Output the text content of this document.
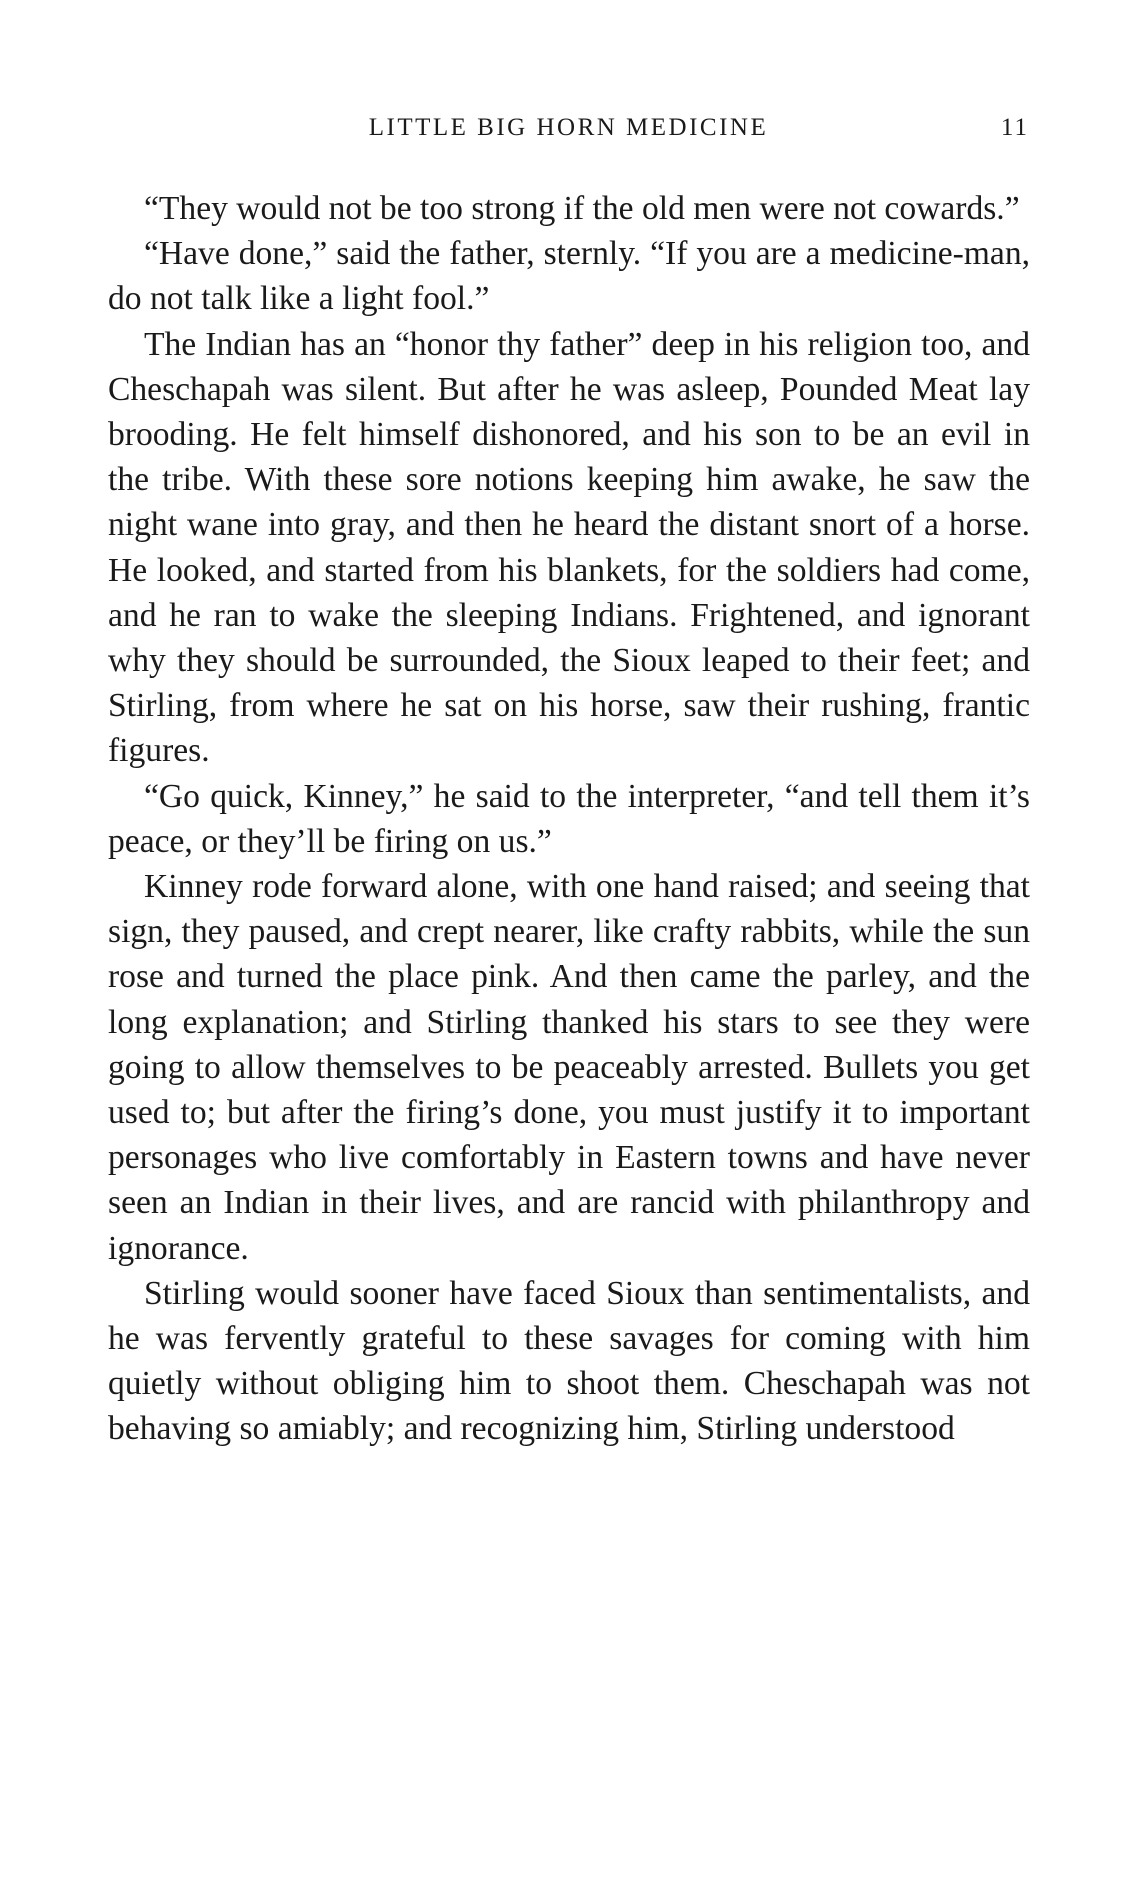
LITTLE BIG HORN MEDICINE	11

“They would not be too strong if the old men were not cowards.”

“Have done,” said the father, sternly. “If you are a medicine-man, do not talk like a light fool.”

The Indian has an “honor thy father” deep in his religion too, and Cheschapah was silent. But after he was asleep, Pounded Meat lay brooding. He felt himself dishonored, and his son to be an evil in the tribe. With these sore notions keeping him awake, he saw the night wane into gray, and then he heard the distant snort of a horse. He looked, and started from his blankets, for the soldiers had come, and he ran to wake the sleeping Indians. Frightened, and ignorant why they should be surrounded, the Sioux leaped to their feet; and Stirling, from where he sat on his horse, saw their rushing, frantic figures.

“Go quick, Kinney,” he said to the interpreter, “and tell them it’s peace, or they’ll be firing on us.”

Kinney rode forward alone, with one hand raised; and seeing that sign, they paused, and crept nearer, like crafty rabbits, while the sun rose and turned the place pink. And then came the parley, and the long explanation; and Stirling thanked his stars to see they were going to allow themselves to be peaceably arrested. Bullets you get used to; but after the firing’s done, you must justify it to important personages who live comfortably in Eastern towns and have never seen an Indian in their lives, and are rancid with philanthropy and ignorance.

Stirling would sooner have faced Sioux than sentimentalists, and he was fervently grateful to these savages for coming with him quietly without obliging him to shoot them. Cheschapah was not behaving so amiably; and recognizing him, Stirling understood
